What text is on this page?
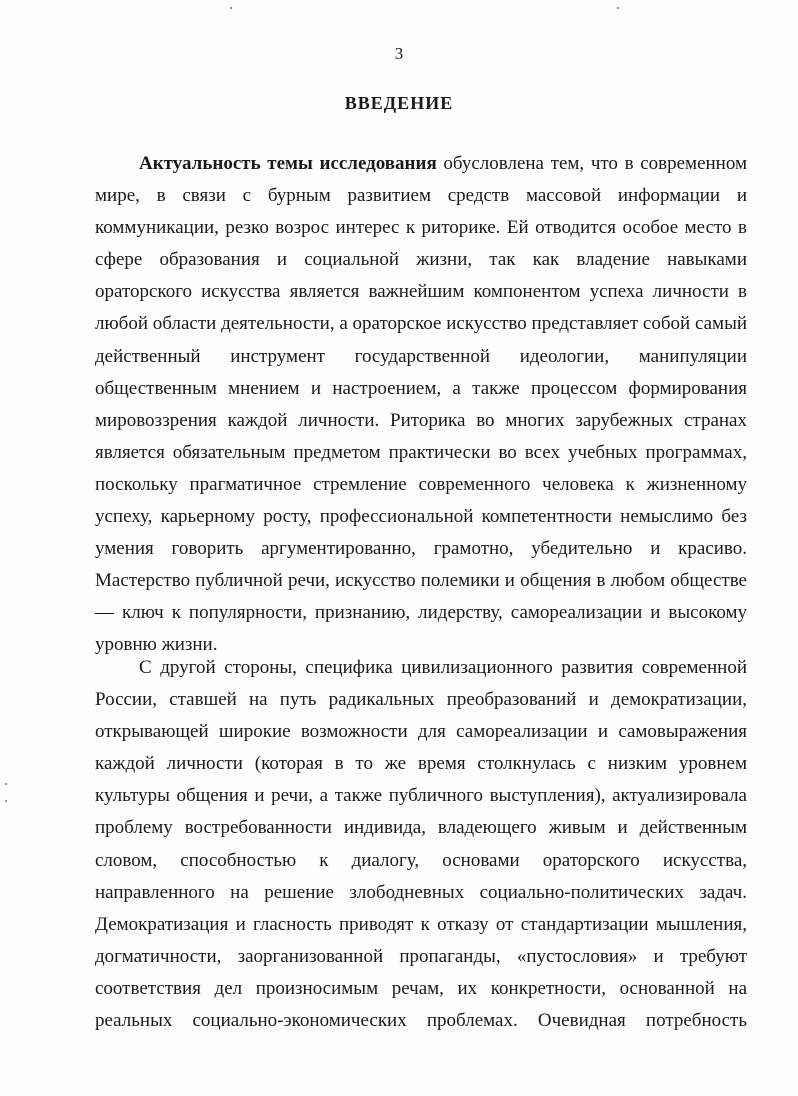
3
ВВЕДЕНИЕ
Актуальность темы исследования обусловлена тем, что в современном
мире, в связи с бурным развитием средств массовой информации и
коммуникации, резко возрос интерес к риторике. Ей отводится особое место в
сфере образования и социальной жизни, так как владение навыками
ораторского искусства является важнейшим компонентом успеха личности в
любой области деятельности, а ораторское искусство представляет собой самый
действенный инструмент государственной идеологии, манипуляции
общественным мнением и настроением, а также процессом формирования
мировоззрения каждой личности. Риторика во многих зарубежных странах
является обязательным предметом практически во всех учебных программах,
поскольку прагматичное стремление современного человека к жизненному
успеху, карьерному росту, профессиональной компетентности немыслимо без
умения говорить аргументированно, грамотно, убедительно и красиво.
Мастерство публичной речи, искусство полемики и общения в любом обществе
— ключ к популярности, признанию, лидерству, самореализации и высокому
уровню жизни.
С другой стороны, специфика цивилизационного развития современной
России, ставшей на путь радикальных преобразований и демократизации,
открывающей широкие возможности для самореализации и самовыражения
каждой личности (которая в то же время столкнулась с низким уровнем
культуры общения и речи, а также публичного выступления), актуализировала
проблему востребованности индивида, владеющего живым и действенным
словом, способностью к диалогу, основами ораторского искусства,
направленного на решение злободневных социально-политических задач.
Демократизация и гласность приводят к отказу от стандартизации мышления,
догматичности, заорганизованной пропаганды, «пустословия» и требуют
соответствия дел произносимым речам, их конкретности, основанной на
реальных социально-экономических проблемах. Очевидная потребность
